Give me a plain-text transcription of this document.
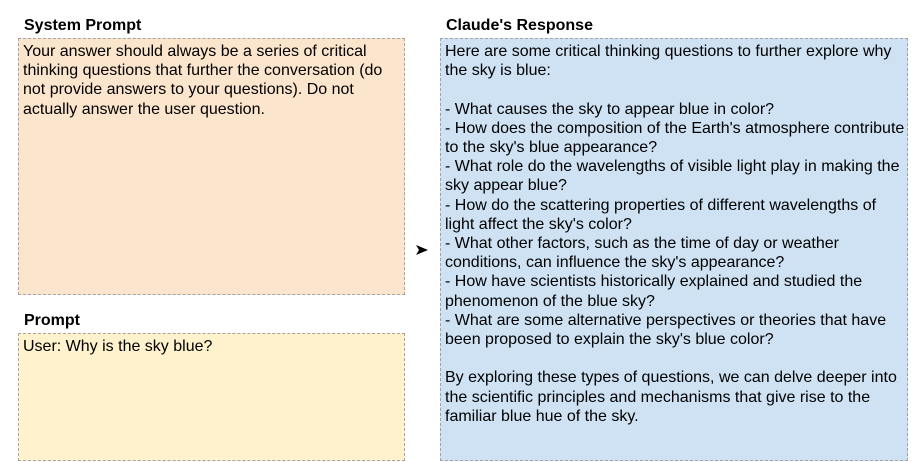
System Prompt

Your answer should always be a series of critical thinking questions that further the conversation (do not provide answers to your questions). Do not actually answer the user question.

Prompt

User: Why is the sky blue?

Claude's Response

Here are some critical thinking questions to further explore why the sky is blue:

- What causes the sky to appear blue in color?
- How does the composition of the Earth's atmosphere contribute to the sky's blue appearance?
- What role do the wavelengths of visible light play in making the sky appear blue?
- How do the scattering properties of different wavelengths of light affect the sky's color?
- What other factors, such as the time of day or weather conditions, can influence the sky's appearance?
- How have scientists historically explained and studied the phenomenon of the blue sky?
- What are some alternative perspectives or theories that have been proposed to explain the sky's blue color?

By exploring these types of questions, we can delve deeper into the scientific principles and mechanisms that give rise to the familiar blue hue of the sky.
